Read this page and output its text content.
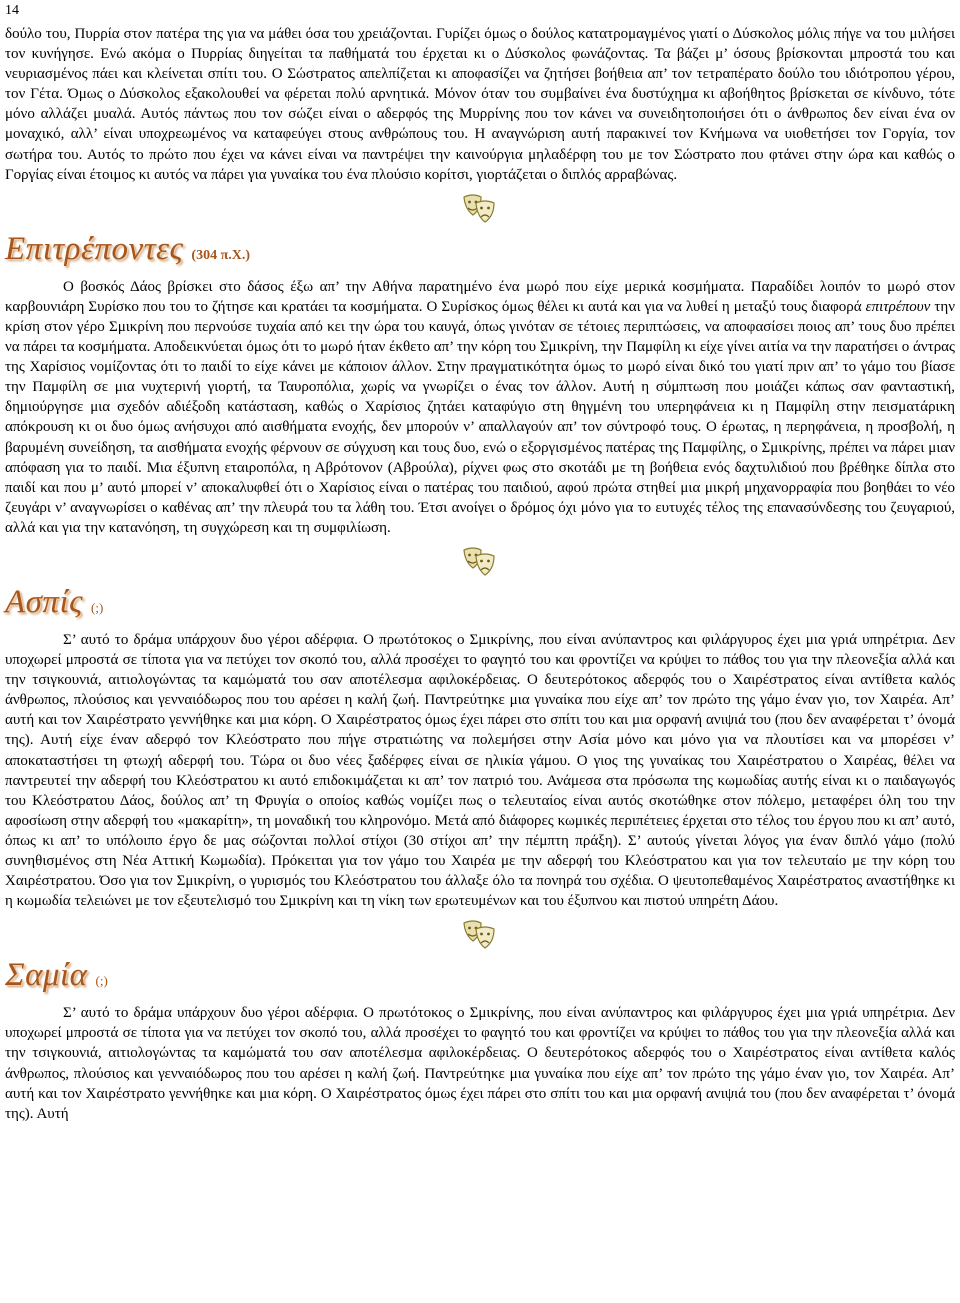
14

δούλο του, Πυρρία στον πατέρα της για να μάθει όσα του χρειάζονται. Γυρίζει όμως ο δούλος κατατρομαγμένος γιατί ο Δύσκολος μόλις πήγε να του μιλήσει τον κυνήγησε. Ενώ ακόμα ο Πυρρίας διηγείται τα παθήματά του έρχεται κι ο Δύσκολος φωνάζοντας. Τα βάζει μ’ όσους βρίσκονται μπροστά του και νευριασμένος πάει και κλείνεται σπίτι του. Ο Σώστρατος απελπίζεται κι αποφασίζει να ζητήσει βοήθεια απ’ τον τετραπέρατο δούλο του ιδιότροπου γέρου, τον Γέτα. Όμως ο Δύσκολος εξακολουθεί να φέρεται πολύ αρνητικά. Μόνον όταν του συμβαίνει ένα δυστύχημα κι αβοήθητος βρίσκεται σε κίνδυνο, τότε μόνο αλλάζει μυαλά. Αυτός πάντως που τον σώζει είναι ο αδερφός της Μυρρίνης που τον κάνει να συνειδητοποιήσει ότι ο άνθρωπος δεν είναι ένα ον μοναχικό, αλλ’ είναι υποχρεωμένος να καταφεύγει στους ανθρώπους του. Η αναγνώριση αυτή παρακινεί τον Κνήμωνα να υιοθετήσει τον Γοργία, τον σωτήρα του. Αυτός το πρώτο που έχει να κάνει είναι να παντρέψει την καινούργια μηλαδέρφη του με τον Σώστρατο που φτάνει στην ώρα και καθώς ο Γοργίας είναι έτοιμος κι αυτός να πάρει για γυναίκα του ένα πλούσιο κορίτσι, γιορτάζεται ο διπλός αρραβώνας.

Επιτρέποντες (304 π.Χ.)

Ο βοσκός Δάος βρίσκει στο δάσος έξω απ’ την Αθήνα παρατημένο ένα μωρό που είχε μερικά κοσμήματα. Παραδίδει λοιπόν το μωρό στον καρβουνιάρη Συρίσκο που του το ζήτησε και κρατάει τα κοσμήματα. Ο Συρίσκος όμως θέλει κι αυτά και για να λυθεί η μεταξύ τους διαφορά επιτρέπουν την κρίση στον γέρο Σμικρίνη που περνούσε τυχαία από κει την ώρα του καυγά, όπως γινόταν σε τέτοιες περιπτώσεις, να αποφασίσει ποιος απ’ τους δυο πρέπει να πάρει τα κοσμήματα. Αποδεικνύεται όμως ότι το μωρό ήταν έκθετο απ’ την κόρη του Σμικρίνη, την Παμφίλη κι είχε γίνει αιτία να την παρατήσει ο άντρας της Χαρίσιος νομίζοντας ότι το παιδί το είχε κάνει με κάποιον άλλον. Στην πραγματικότητα όμως το μωρό είναι δικό του γιατί πριν απ’ το γάμο του βίασε την Παμφίλη σε μια νυχτερινή γιορτή, τα Ταυροπόλια, χωρίς να γνωρίζει ο ένας τον άλλον. Αυτή η σύμπτωση που μοιάζει κάπως σαν φανταστική, δημιούργησε μια σχεδόν αδιέξοδη κατάσταση, καθώς ο Χαρίσιος ζητάει καταφύγιο στη θηγμένη του υπερηφάνεια κι η Παμφίλη στην πεισματάρικη απόκρουση κι οι δυο όμως ανήσυχοι από αισθήματα ενοχής, δεν μπορούν ν’ απαλλαγούν απ’ τον σύντροφό τους. Ο έρωτας, η περηφάνεια, η προσβολή, η βαρυμένη συνείδηση, τα αισθήματα ενοχής φέρνουν σε σύγχυση και τους δυο, ενώ ο εξοργισμένος πατέρας της Παμφίλης, ο Σμικρίνης, πρέπει να πάρει μιαν απόφαση για το παιδί. Μια έξυπνη εταιροπόλα, η Αβρότονον (Αβρούλα), ρίχνει φως στο σκοτάδι με τη βοήθεια ενός δαχτυλιδιού που βρέθηκε δίπλα στο παιδί και που μ’ αυτό μπορεί ν’ αποκαλυφθεί ότι ο Χαρίσιος είναι ο πατέρας του παιδιού, αφού πρώτα στηθεί μια μικρή μηχανορραφία που βοηθάει το νέο ζευγάρι ν’ αναγνωρίσει ο καθένας απ’ την πλευρά του τα λάθη του. Έτσι ανοίγει ο δρόμος όχι μόνο για το ευτυχές τέλος της επανασύνδεσης του ζευγαριού, αλλά και για την κατανόηση, τη συγχώρεση και τη συμφιλίωση.

Ασπίς (;)

Σ’ αυτό το δράμα υπάρχουν δυο γέροι αδέρφια. Ο πρωτότοκος ο Σμικρίνης, που είναι ανύπαντρος και φιλάργυρος έχει μια γριά υπηρέτρια. Δεν υποχωρεί μπροστά σε τίποτα για να πετύχει τον σκοπό του, αλλά προσέχει το φαγητό του και φροντίζει να κρύψει το πάθος του για την πλεονεξία αλλά και την τσιγκουνιά, αιτιολογώντας τα καμώματά του σαν αποτέλεσμα αφιλοκέρδειας. Ο δευτερότοκος αδερφός του ο Χαιρέστρατος είναι αντίθετα καλός άνθρωπος, πλούσιος και γενναιόδωρος που του αρέσει η καλή ζωή. Παντρεύτηκε μια γυναίκα που είχε απ’ τον πρώτο της γάμο έναν γιο, τον Χαιρέα. Απ’ αυτή και τον Χαιρέστρατο γεννήθηκε και μια κόρη. Ο Χαιρέστρατος όμως έχει πάρει στο σπίτι του και μια ορφανή ανιψιά του (που δεν αναφέρεται τ’ όνομά της). Αυτή είχε έναν αδερφό τον Κλεόστρατο που πήγε στρατιώτης να πολεμήσει στην Ασία μόνο και μόνο για να πλουτίσει και να μπορέσει ν’ αποκαταστήσει τη φτωχή αδερφή του. Τώρα οι δυο νέες ξαδέρφες είναι σε ηλικία γάμου. Ο γιος της γυναίκας του Χαιρέστρατου ο Χαιρέας, θέλει να παντρευτεί την αδερφή του Κλεόστρατου κι αυτό επιδοκιμάζεται κι απ’ τον πατριό του. Ανάμεσα στα πρόσωπα της κωμωδίας αυτής είναι κι ο παιδαγωγός του Κλεόστρατου Δάος, δούλος απ’ τη Φρυγία ο οποίος καθώς νομίζει πως ο τελευταίος είναι αυτός σκοτώθηκε στον πόλεμο, μεταφέρει όλη του την αφοσίωση στην αδερφή του «μακαρίτη», τη μοναδική του κληρονόμο. Μετά από διάφορες κωμικές περιπέτειες έρχεται στο τέλος του έργου που κι απ’ αυτό, όπως κι απ’ το υπόλοιπο έργο δε μας σώζονται πολλοί στίχοι (30 στίχοι απ’ την πέμπτη πράξη). Σ’ αυτούς γίνεται λόγος για έναν διπλό γάμο (πολύ συνηθισμένος στη Νέα Αττική Κωμωδία). Πρόκειται για τον γάμο του Χαιρέα με την αδερφή του Κλεόστρατου και για τον τελευταίο με την κόρη του Χαιρέστρατου. Όσο για τον Σμικρίνη, ο γυρισμός του Κλεόστρατου του άλλαξε όλο τα πονηρά του σχέδια. Ο ψευτοπεθαμένος Χαιρέστρατος αναστήθηκε κι η κωμωδία τελειώνει με τον εξευτελισμό του Σμικρίνη και τη νίκη των ερωτευμένων και του έξυπνου και πιστού υπηρέτη Δάου.

Σαμία (;)

Σ’ αυτό το δράμα υπάρχουν δυο γέροι αδέρφια. Ο πρωτότοκος ο Σμικρίνης, που είναι ανύπαντρος και φιλάργυρος έχει μια γριά υπηρέτρια. Δεν υποχωρεί μπροστά σε τίποτα για να πετύχει τον σκοπό του, αλλά προσέχει το φαγητό του και φροντίζει να κρύψει το πάθος του για την πλεονεξία αλλά και την τσιγκουνιά, αιτιολογώντας τα καμώματά του σαν αποτέλεσμα αφιλοκέρδειας. Ο δευτερότοκος αδερφός του ο Χαιρέστρατος είναι αντίθετα καλός άνθρωπος, πλούσιος και γενναιόδωρος που του αρέσει η καλή ζωή. Παντρεύτηκε μια γυναίκα που είχε απ’ τον πρώτο της γάμο έναν γιο, τον Χαιρέα. Απ’ αυτή και τον Χαιρέστρατο γεννήθηκε και μια κόρη. Ο Χαιρέστρατος όμως έχει πάρει στο σπίτι του και μια ορφανή ανιψιά του (που δεν αναφέρεται τ’ όνομά της). Αυτή
